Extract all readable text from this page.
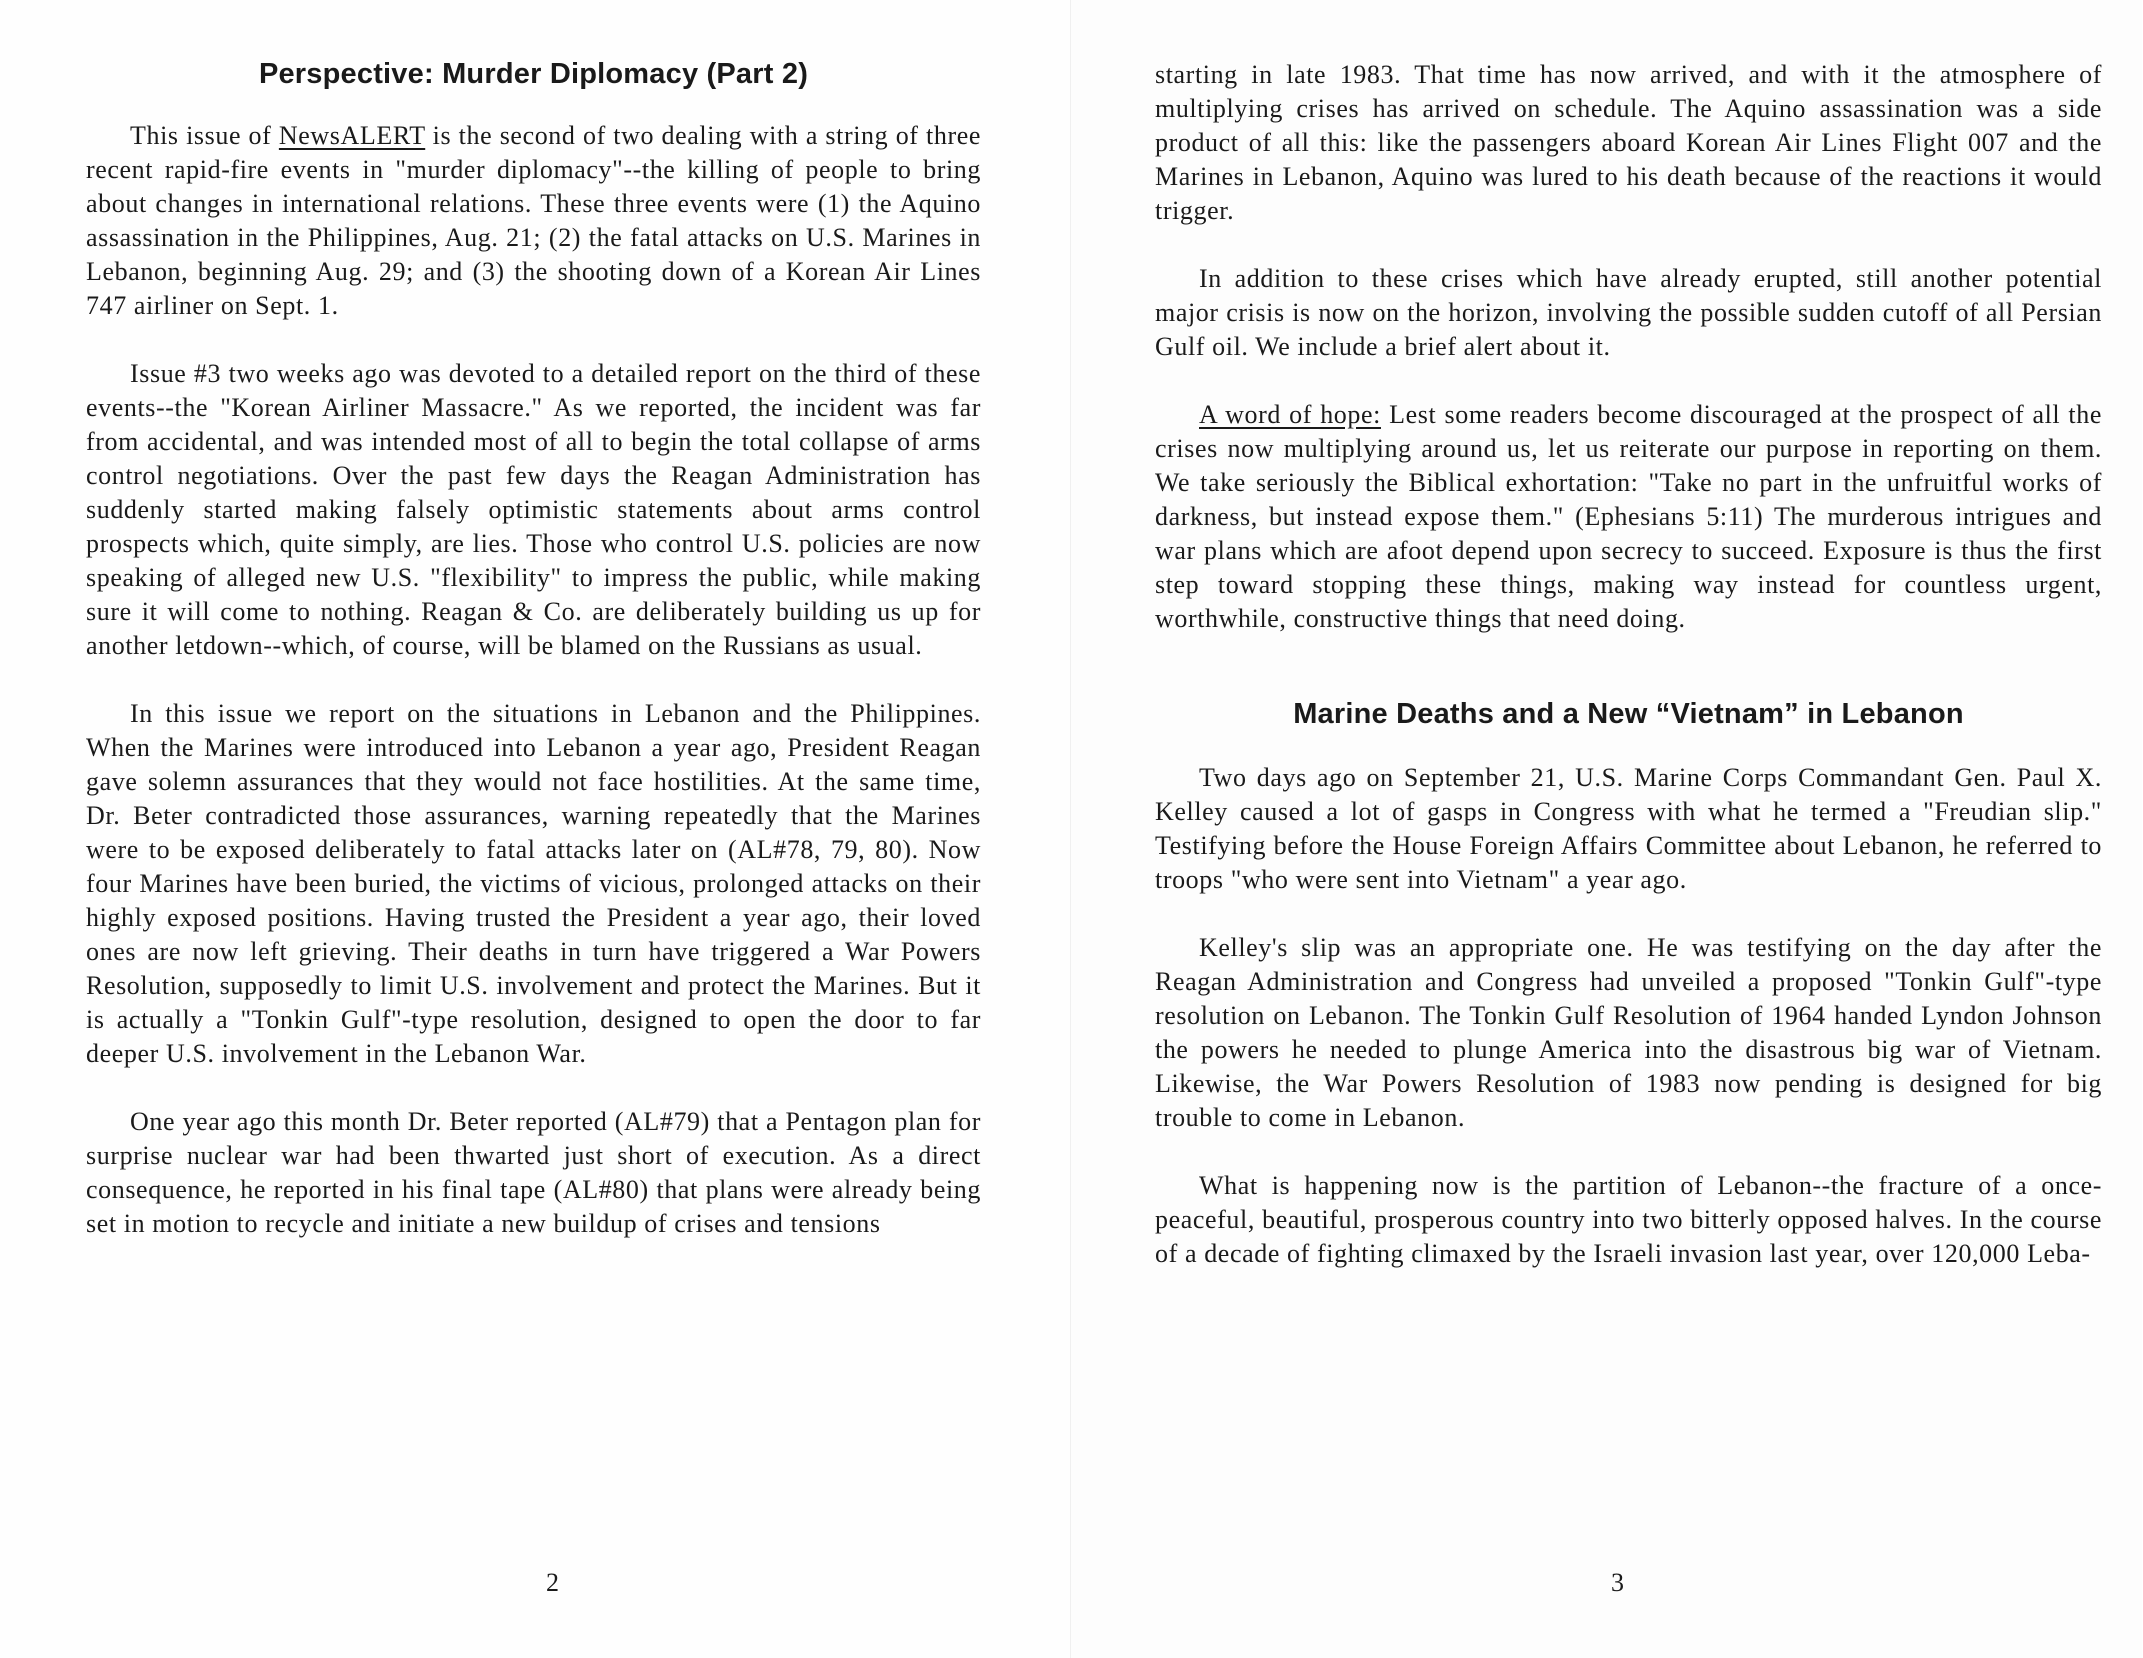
Perspective: Murder Diplomacy (Part 2)

This issue of NewsALERT is the second of two dealing with a string of three recent rapid-fire events in "murder diplomacy"--the killing of people to bring about changes in international relations. These three events were (1) the Aquino assassination in the Philippines, Aug. 21; (2) the fatal attacks on U.S. Marines in Lebanon, beginning Aug. 29; and (3) the shooting down of a Korean Air Lines 747 airliner on Sept. 1.

Issue #3 two weeks ago was devoted to a detailed report on the third of these events--the "Korean Airliner Massacre." As we reported, the incident was far from accidental, and was intended most of all to begin the total collapse of arms control negotiations. Over the past few days the Reagan Administration has suddenly started making falsely optimistic statements about arms control prospects which, quite simply, are lies. Those who control U.S. policies are now speaking of alleged new U.S. "flexibility" to impress the public, while making sure it will come to nothing. Reagan & Co. are deliberately building us up for another letdown--which, of course, will be blamed on the Russians as usual.

In this issue we report on the situations in Lebanon and the Philippines. When the Marines were introduced into Lebanon a year ago, President Reagan gave solemn assurances that they would not face hostilities. At the same time, Dr. Beter contradicted those assurances, warning repeatedly that the Marines were to be exposed deliberately to fatal attacks later on (AL#78, 79, 80). Now four Marines have been buried, the victims of vicious, prolonged attacks on their highly exposed positions. Having trusted the President a year ago, their loved ones are now left grieving. Their deaths in turn have triggered a War Powers Resolution, supposedly to limit U.S. involvement and protect the Marines. But it is actually a "Tonkin Gulf"-type resolution, designed to open the door to far deeper U.S. involvement in the Lebanon War.

One year ago this month Dr. Beter reported (AL#79) that a Pentagon plan for surprise nuclear war had been thwarted just short of execution. As a direct consequence, he reported in his final tape (AL#80) that plans were already being set in motion to recycle and initiate a new buildup of crises and tensions

2

starting in late 1983. That time has now arrived, and with it the atmosphere of multiplying crises has arrived on schedule. The Aquino assassination was a side product of all this: like the passengers aboard Korean Air Lines Flight 007 and the Marines in Lebanon, Aquino was lured to his death because of the reactions it would trigger.

In addition to these crises which have already erupted, still another potential major crisis is now on the horizon, involving the possible sudden cutoff of all Persian Gulf oil. We include a brief alert about it.

A word of hope: Lest some readers become discouraged at the prospect of all the crises now multiplying around us, let us reiterate our purpose in reporting on them. We take seriously the Biblical exhortation: "Take no part in the unfruitful works of darkness, but instead expose them." (Ephesians 5:11) The murderous intrigues and war plans which are afoot depend upon secrecy to succeed. Exposure is thus the first step toward stopping these things, making way instead for countless urgent, worthwhile, constructive things that need doing.

Marine Deaths and a New “Vietnam” in Lebanon

Two days ago on September 21, U.S. Marine Corps Commandant Gen. Paul X. Kelley caused a lot of gasps in Congress with what he termed a "Freudian slip." Testifying before the House Foreign Affairs Committee about Lebanon, he referred to troops "who were sent into Vietnam" a year ago.

Kelley's slip was an appropriate one. He was testifying on the day after the Reagan Administration and Congress had unveiled a proposed "Tonkin Gulf"-type resolution on Lebanon. The Tonkin Gulf Resolution of 1964 handed Lyndon Johnson the powers he needed to plunge America into the disastrous big war of Vietnam. Likewise, the War Powers Resolution of 1983 now pending is designed for big trouble to come in Lebanon.

What is happening now is the partition of Lebanon--the fracture of a once-peaceful, beautiful, prosperous country into two bitterly opposed halves. In the course of a decade of fighting climaxed by the Israeli invasion last year, over 120,000 Leba-

3
